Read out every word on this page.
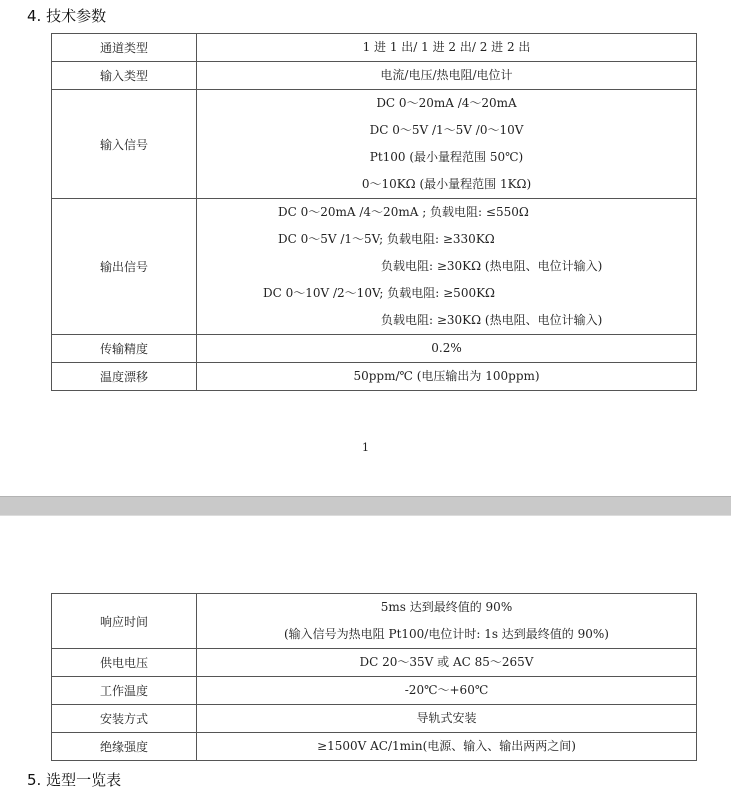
4. 技术参数
通道类型	1 进 1 出/ 1 进 2 出/ 2 进 2 出

输入类型	电流/电压/热电阻/电位计

输入信号	DC 0～20mA /4～20mA
DC 0～5V /1～5V /0～10V
Pt100 (最小量程范围 50℃)
0～10KΩ (最小量程范围 1KΩ)

输出信号	DC 0～20mA /4～20mA ; 负载电阻: ≤550Ω
DC 0～5V /1～5V; 负载电阻: ≥330KΩ
负载电阻: ≥30KΩ (热电阻、电位计输入)
DC 0～10V /2～10V; 负载电阻: ≥500KΩ
负载电阻: ≥30KΩ (热电阻、电位计输入)

传输精度	0.2%

温度漂移	50ppm/℃ (电压输出为 100ppm)
1
响应时间	5ms 达到最终值的 90%
(输入信号为热电阻 Pt100/电位计时: 1s 达到最终值的 90%)

供电电压	DC 20～35V 或 AC 85～265V

工作温度	-20℃～+60℃

安装方式	导轨式安装

绝缘强度	≥1500V AC/1min(电源、输入、输出两两之间)
5. 选型一览表
